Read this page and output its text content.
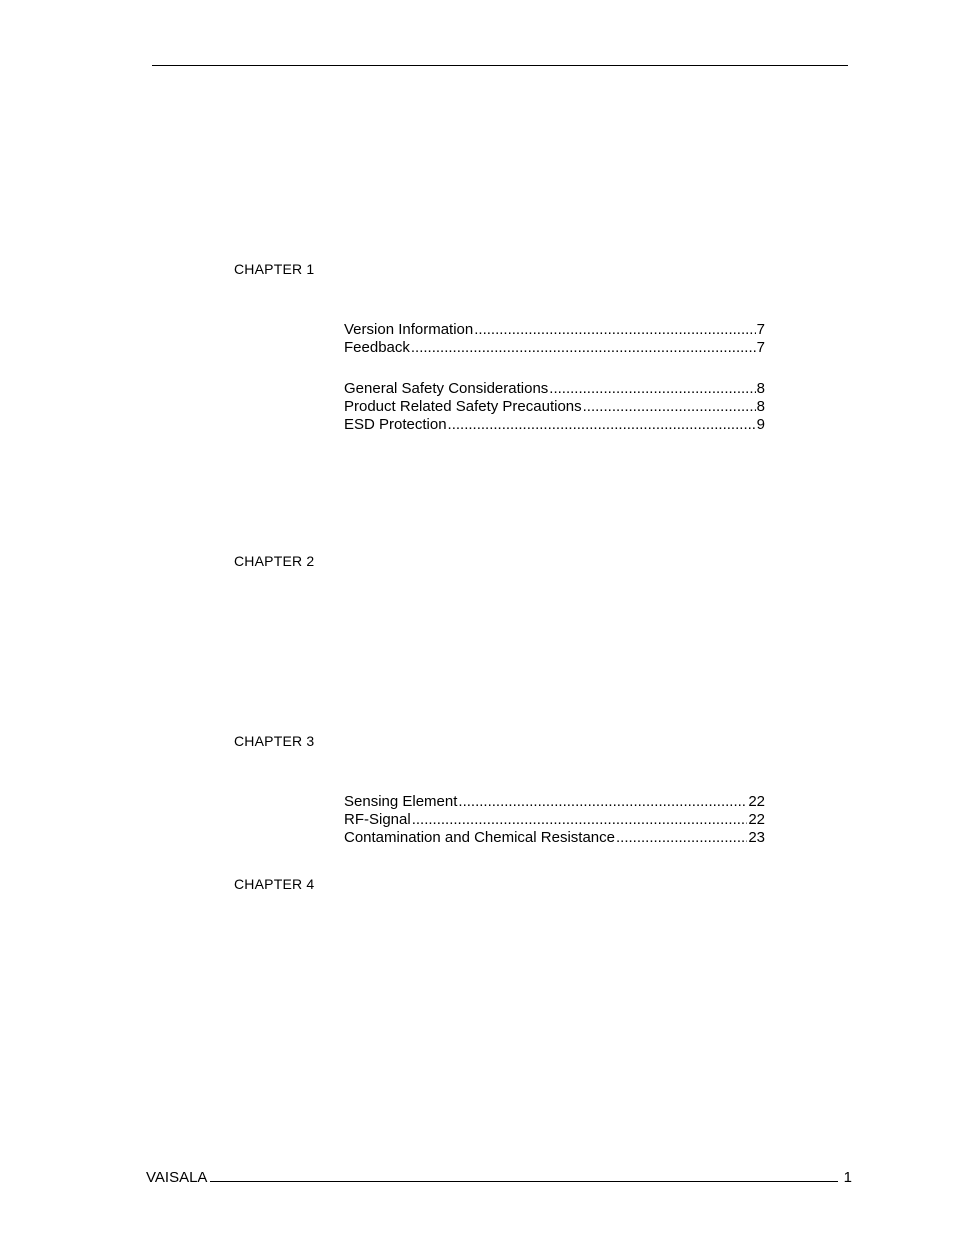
CHAPTER 1
Version Information .....	7
Feedback .....	7
General Safety Considerations .....	8
Product Related Safety Precautions .....	8
ESD Protection .....	9
CHAPTER 2
CHAPTER 3
Sensing Element .....	22
RF-Signal .....	22
Contamination and Chemical Resistance .....	23
CHAPTER 4
VAISALA	1
